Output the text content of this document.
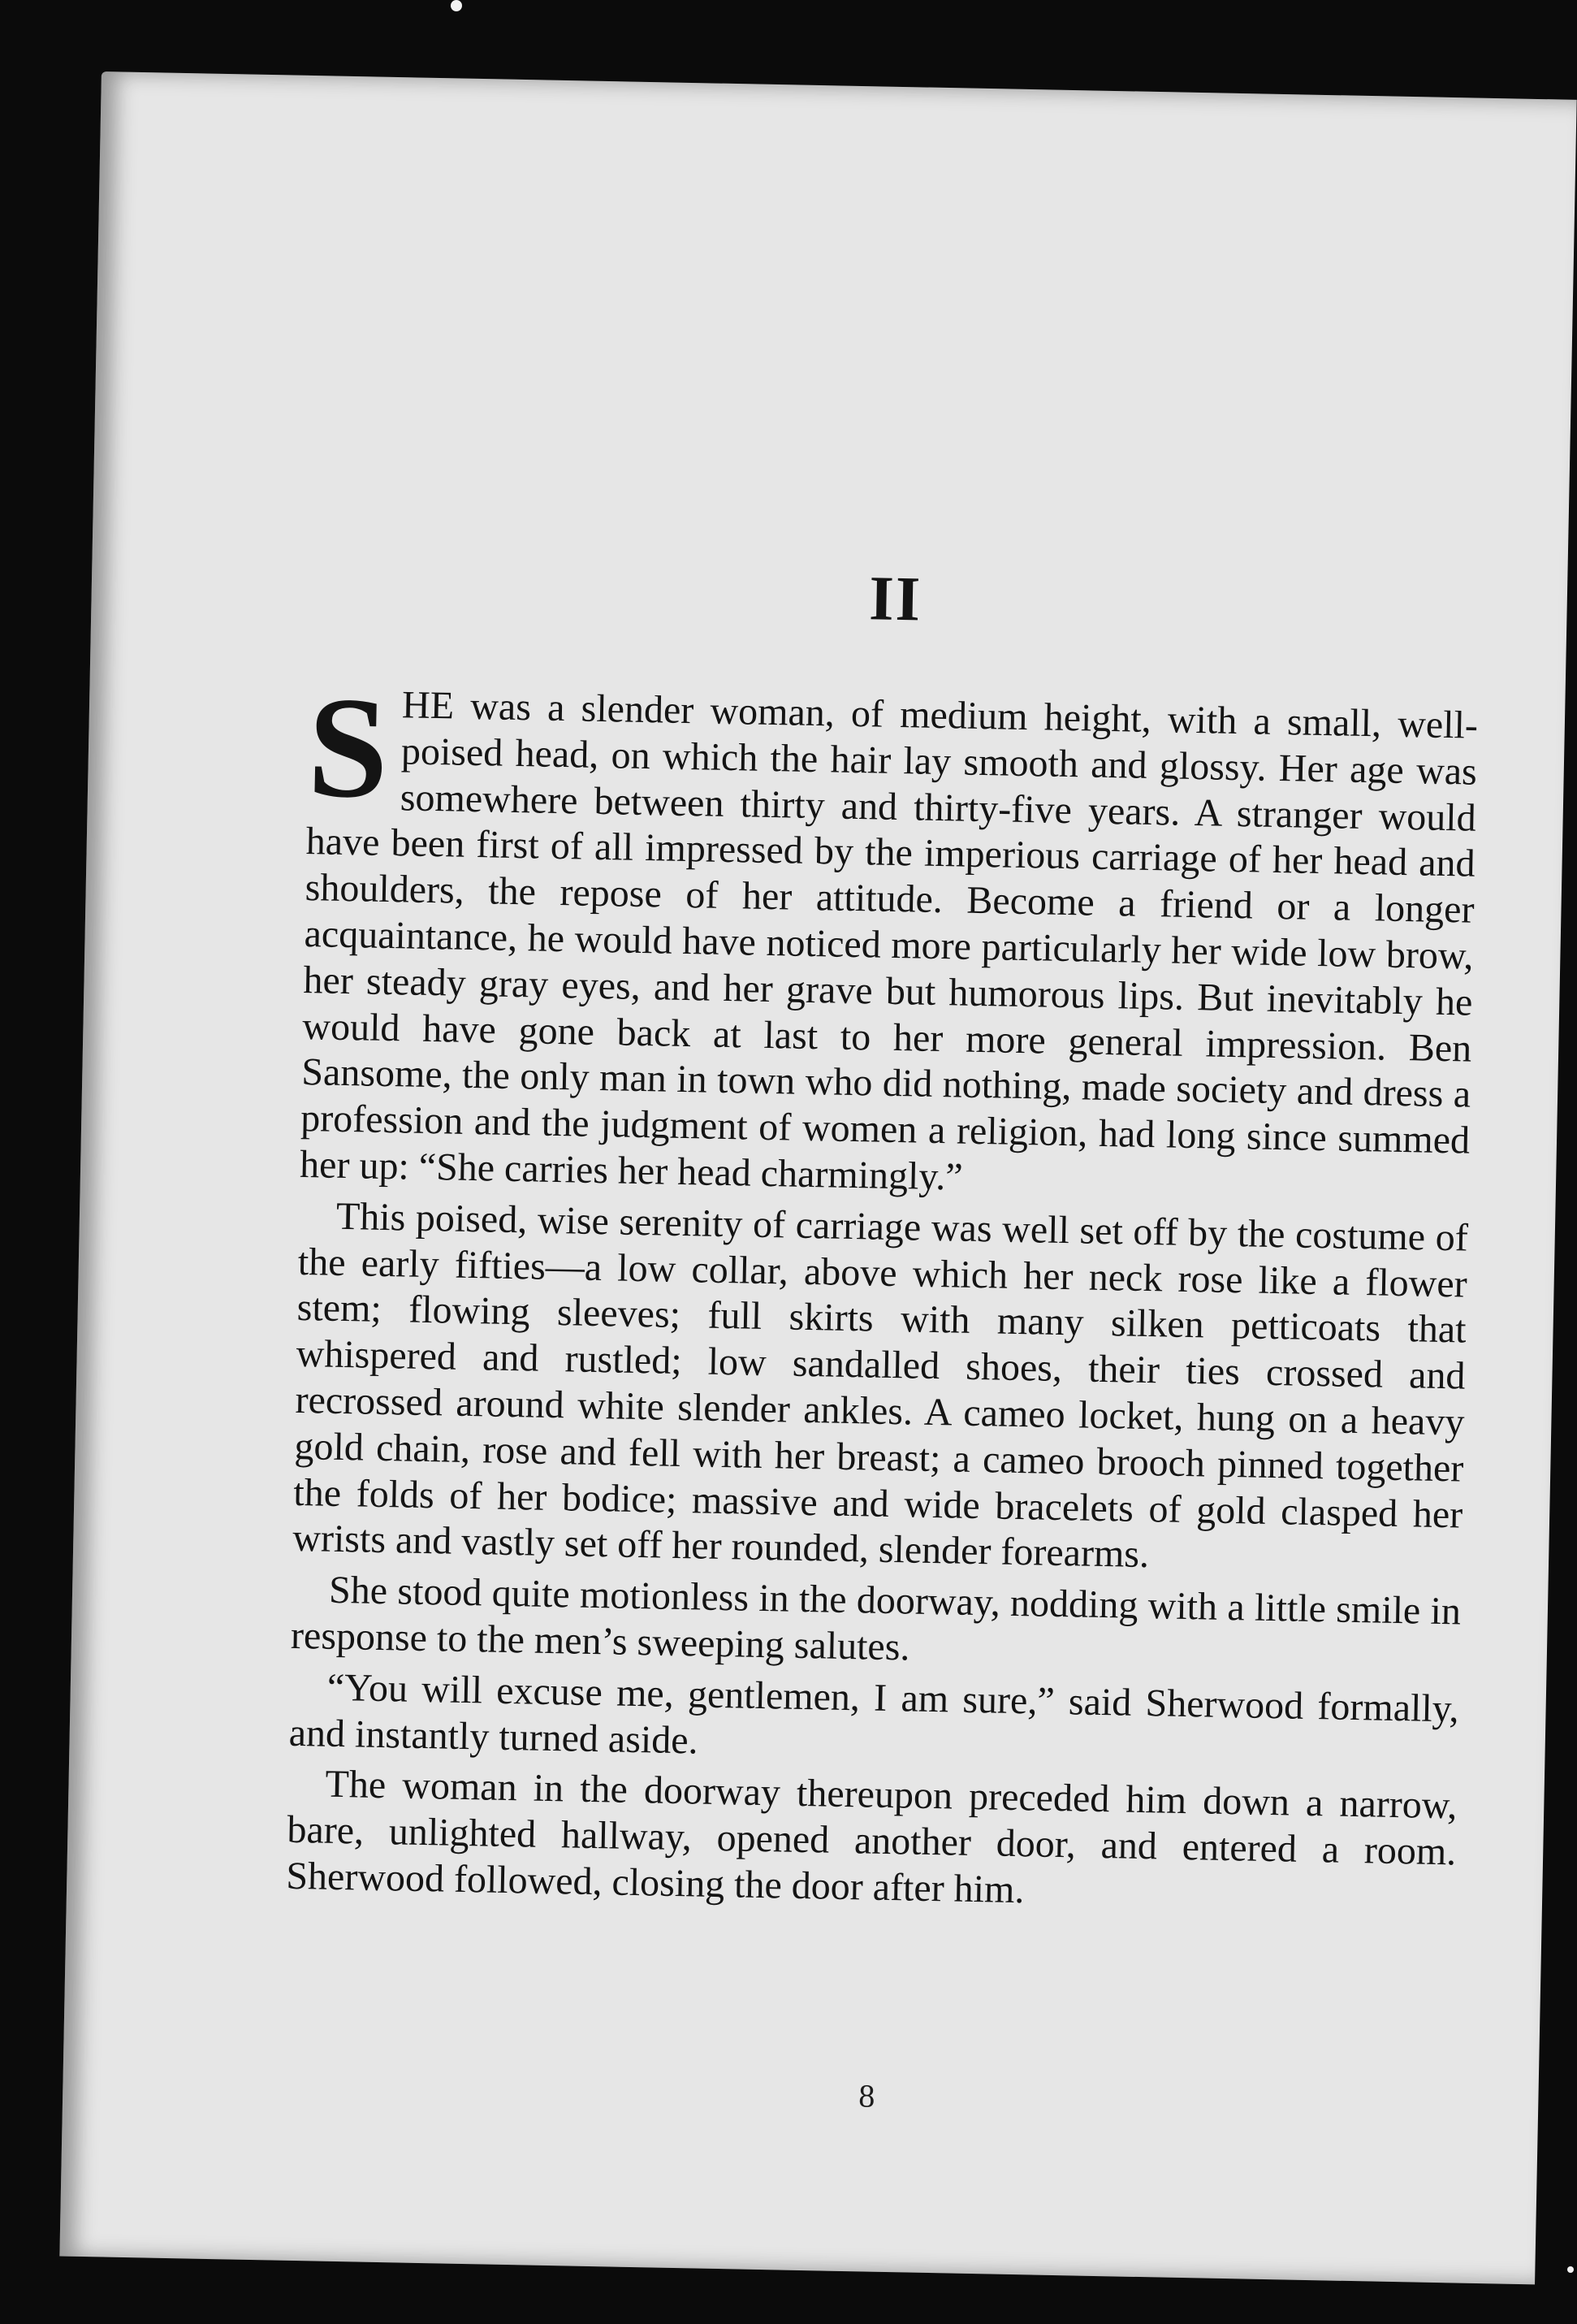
II

SHE was a slender woman, of medium height, with a small, well-poised head, on which the hair lay smooth and glossy. Her age was somewhere between thirty and thirty-five years. A stranger would have been first of all impressed by the imperious carriage of her head and shoulders, the repose of her attitude. Become a friend or a longer acquaintance, he would have noticed more particularly her wide low brow, her steady gray eyes, and her grave but humorous lips. But inevitably he would have gone back at last to her more general impression. Ben Sansome, the only man in town who did nothing, made society and dress a profession and the judgment of women a religion, had long since summed her up: “She carries her head charmingly.”

This poised, wise serenity of carriage was well set off by the costume of the early fifties—a low collar, above which her neck rose like a flower stem; flowing sleeves; full skirts with many silken petticoats that whispered and rustled; low sandalled shoes, their ties crossed and recrossed around white slender ankles. A cameo locket, hung on a heavy gold chain, rose and fell with her breast; a cameo brooch pinned together the folds of her bodice; massive and wide bracelets of gold clasped her wrists and vastly set off her rounded, slender forearms.

She stood quite motionless in the doorway, nodding with a little smile in response to the men’s sweeping salutes.

“You will excuse me, gentlemen, I am sure,” said Sherwood formally, and instantly turned aside.

The woman in the doorway thereupon preceded him down a narrow, bare, unlighted hallway, opened another door, and entered a room. Sherwood followed, closing the door after him.

8
